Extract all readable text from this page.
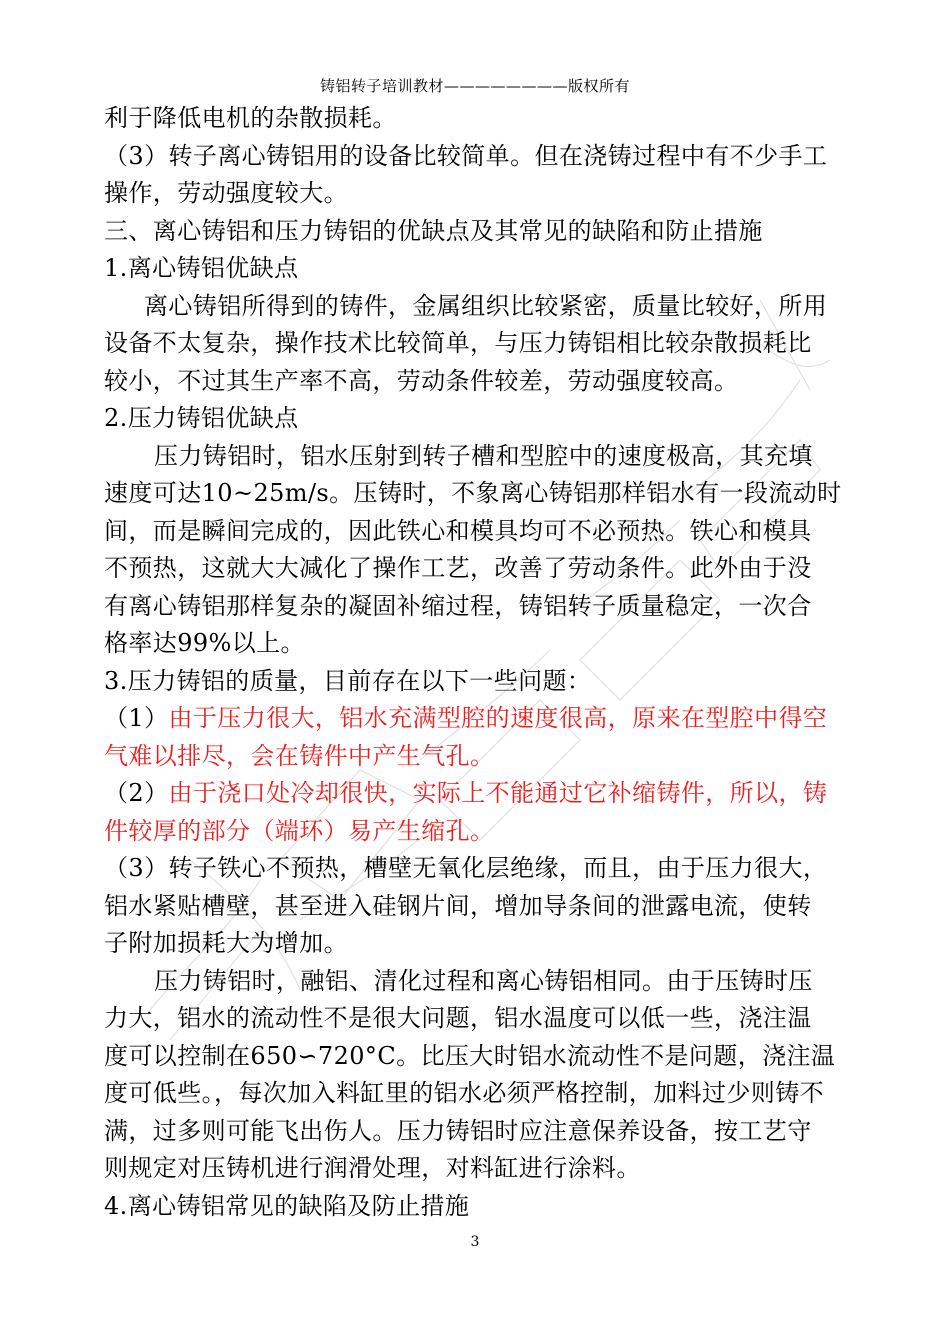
铸铝转子培训教材————————版权所有
利于降低电机的杂散损耗。
（3）转子离心铸铝用的设备比较简单。但在浇铸过程中有不少手工
操作，劳动强度较大。
三、离心铸铝和压力铸铝的优缺点及其常见的缺陷和防止措施
1.离心铸铝优缺点
离心铸铝所得到的铸件，金属组织比较紧密，质量比较好，所用
设备不太复杂，操作技术比较简单，与压力铸铝相比较杂散损耗比
较小，不过其生产率不高，劳动条件较差，劳动强度较高。
2.压力铸铝优缺点
压力铸铝时，铝水压射到转子槽和型腔中的速度极高，其充填
速度可达10~25m/s。压铸时，不象离心铸铝那样铝水有一段流动时
间，而是瞬间完成的，因此铁心和模具均可不必预热。铁心和模具
不预热，这就大大减化了操作工艺，改善了劳动条件。此外由于没
有离心铸铝那样复杂的凝固补缩过程，铸铝转子质量稳定，一次合
格率达99%以上。
3.压力铸铝的质量，目前存在以下一些问题：
（1）由于压力很大，铝水充满型腔的速度很高，原来在型腔中得空
气难以排尽，会在铸件中产生气孔。
（2）由于浇口处冷却很快，实际上不能通过它补缩铸件，所以，铸
件较厚的部分（端环）易产生缩孔。
（3）转子铁心不预热，槽壁无氧化层绝缘，而且，由于压力很大，
铝水紧贴槽壁，甚至进入硅钢片间，增加导条间的泄露电流，使转
子附加损耗大为增加。
压力铸铝时，融铝、清化过程和离心铸铝相同。由于压铸时压
力大，铝水的流动性不是很大问题，铝水温度可以低一些，浇注温
度可以控制在650∽720°C。比压大时铝水流动性不是问题，浇注温
度可低些。，每次加入料缸里的铝水必须严格控制，加料过少则铸不
满，过多则可能飞出伤人。压力铸铝时应注意保养设备，按工艺守
则规定对压铸机进行润滑处理，对料缸进行涂料。
4.离心铸铝常见的缺陷及防止措施
3
